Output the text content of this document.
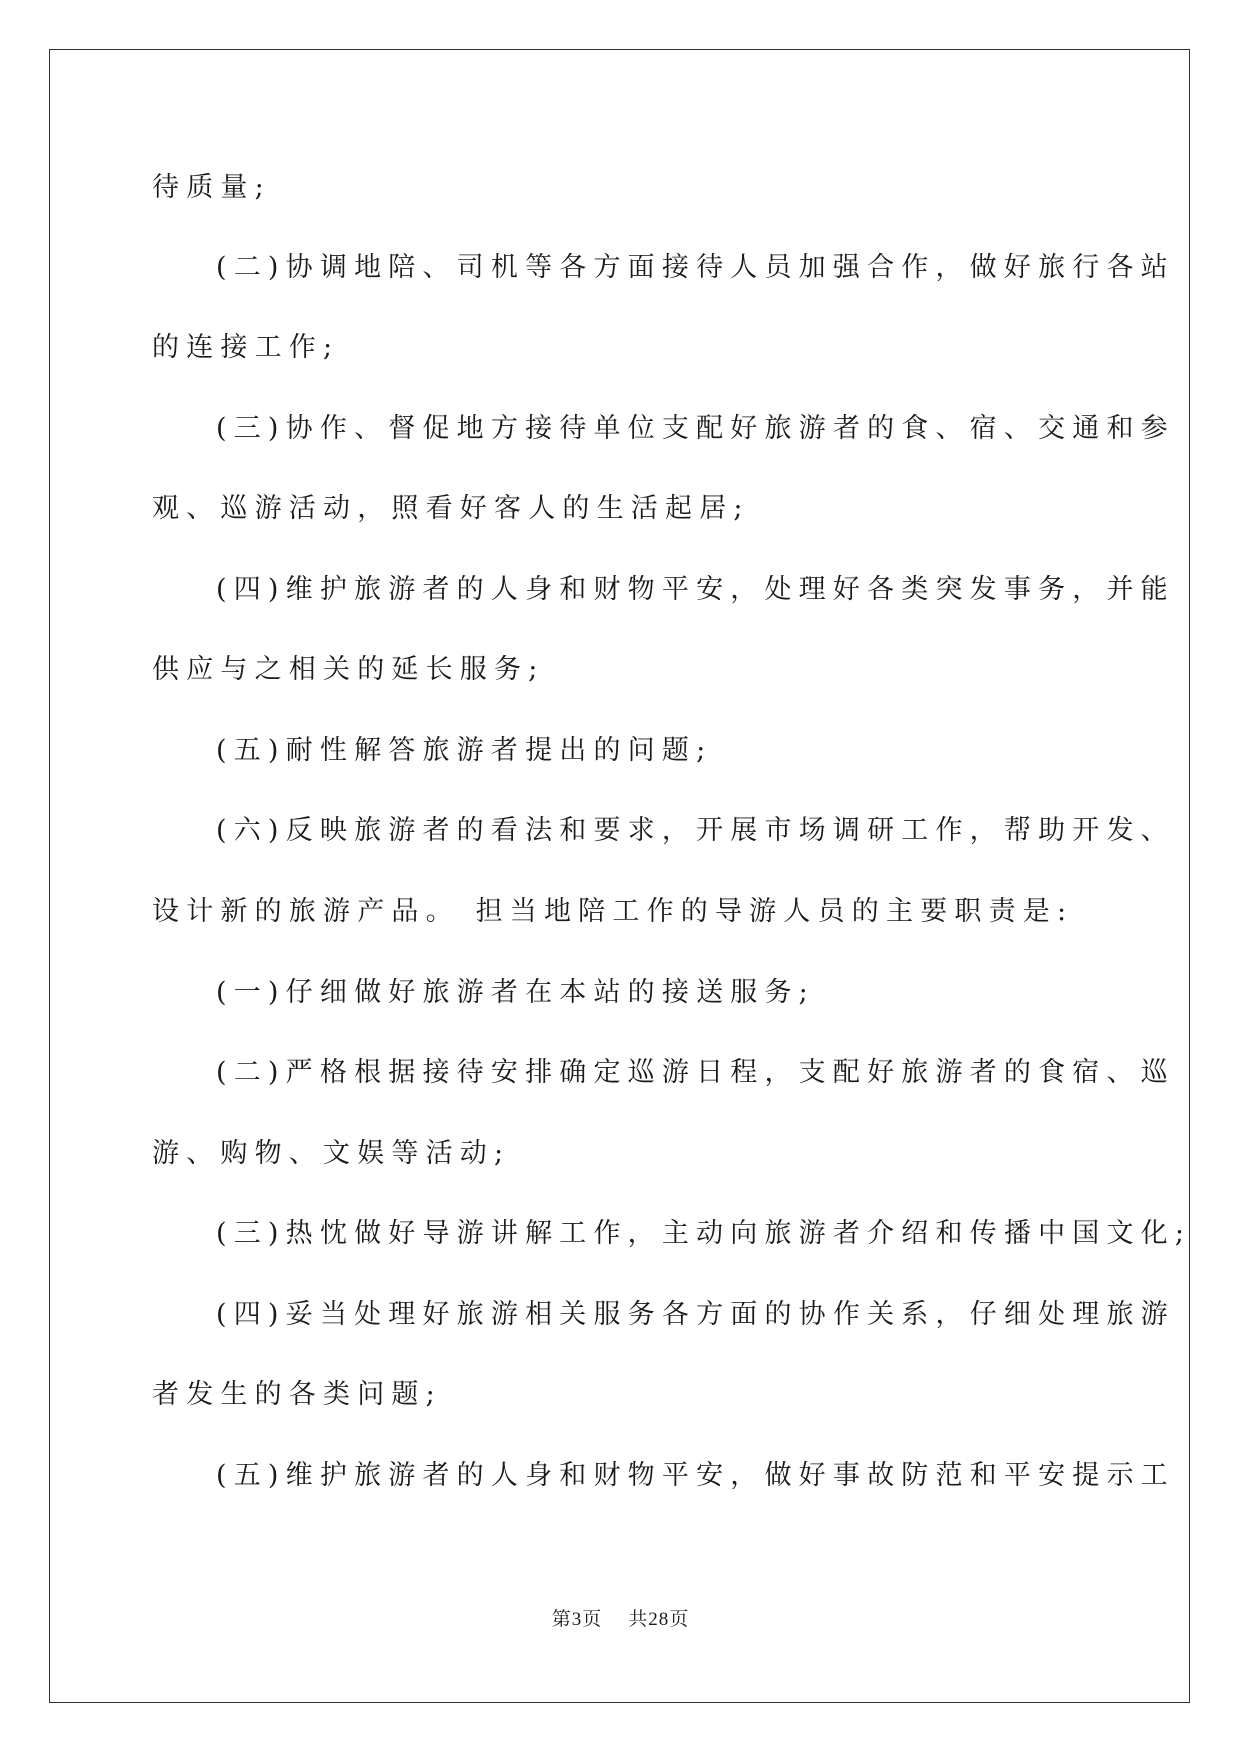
待质量;
(二)协调地陪、司机等各方面接待人员加强合作，做好旅行各站
的连接工作;
(三)协作、督促地方接待单位支配好旅游者的食、宿、交通和参
观、巡游活动，照看好客人的生活起居;
(四)维护旅游者的人身和财物平安，处理好各类突发事务，并能
供应与之相关的延长服务;
(五)耐性解答旅游者提出的问题;
(六)反映旅游者的看法和要求，开展市场调研工作，帮助开发、
设计新的旅游产品。 担当地陪工作的导游人员的主要职责是:
(一)仔细做好旅游者在本站的接送服务;
(二)严格根据接待安排确定巡游日程，支配好旅游者的食宿、巡
游、购物、文娱等活动;
(三)热忱做好导游讲解工作，主动向旅游者介绍和传播中国文化;
(四)妥当处理好旅游相关服务各方面的协作关系，仔细处理旅游
者发生的各类问题;
(五)维护旅游者的人身和财物平安，做好事故防范和平安提示工
第3页 共28页
